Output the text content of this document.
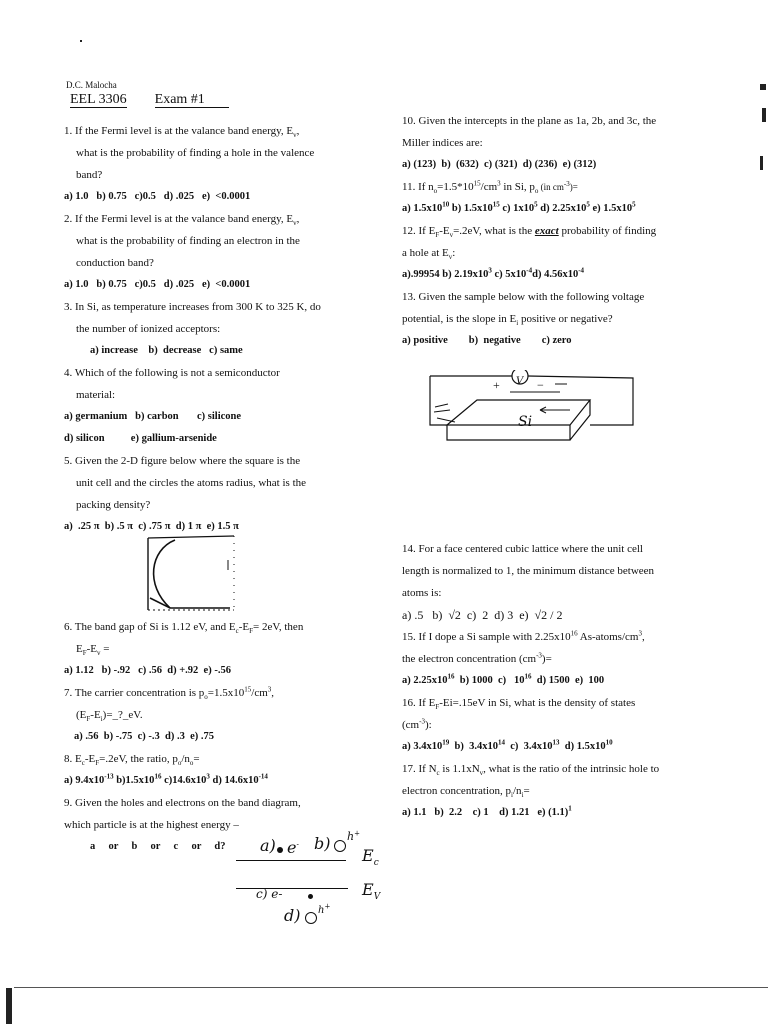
D.C. Malocha
EEL 3306 Exam #1
1. If the Fermi level is at the valance band energy, $E_v$,
what is the probability of finding a hole in the valence
band?
a) 1.0   b) 0.75   c)0.5   d) .025   e)  <0.0001
2. If the Fermi level is at the valance band energy, $E_v$,
what is the probability of finding an electron in the
conduction band?
a) 1.0   b) 0.75   c)0.5   d) .025   e)  <0.0001
3. In Si, as temperature increases from 300 K to 325 K, do
the number of ionized acceptors:
a) increase    b)  decrease   c) same
4. Which of the following is not a semiconductor
material:
a) germanium   b) carbon       c) silicone
d) silicon          e) gallium-arsenide
5. Given the 2-D figure below where the square is the
unit cell and the circles the atoms radius, what is the
packing density?
a)  .25 π  b) .5 π  c) .75 π  d) 1 π  e) 1.5 π
6. The band gap of Si is 1.12 eV, and $E_c-E_F= 2eV$, then
$E_F-E_v$ =
a) 1.12   b) -.92   c) .56  d) +.92  e) -.56
7. The carrier concentration is $p_o=1.5x10^{15}/cm^3$,
$(E_F-E_i)=\_?\_eV$.
a) .56  b) -.75  c) -.3  d) .3  e) .75
8. $E_c-E_F=.2eV$, the ratio, $p_o/n_o=$
a) $9.4x10^{-13}$ $b)1.5x10^{16}$ $c)14.6x10^3$ d) $14.6x10^{-14}$
9. Given the holes and electrons on the band diagram,
which particle is at the highest energy –
a  or  b  or  c  or  d?	a) e- b) h+
$E_c$
c) e-	$E_V$
d) h+
10. Given the intercepts in the plane as 1a, 2b, and 3c, the
Miller indices are:
a) (123)  b)  (632)  c) (321)  d) (236)  e) (312)
11. If $n_o=1.5*10^{15}/cm^3$ in Si, $p_o$ (in $cm^{-3})=$
a) $1.5x10^{10}$ b) $1.5x10^{15}$ c) $1x10^5$ d) $2.25x10^5$ e) $1.5x10^5$
12. If $E_F-E_v=.2eV$, what is the exact probability of finding
a hole at $E_v$:
a).99954 b) $2.19x10^3$ c) $5x10^{-4}d$) $4.56x10^{-4}$
13. Given the sample below with the following voltage
potential, is the slope in $E_i$ positive or negative?
a) positive        b)  negative        c) zero
V
+	−
Si
14. For a face centered cubic lattice where the unit cell
length is normalized to 1, the minimum distance between
atoms is:
a) .5   b)  √2  c)  2  d) 3  e)  √2 / 2
15. If I dope a Si sample with $2.25x10^{16}$ $As-atoms/cm^3$,
the electron concentration $(cm^{-3})=$
a) $2.25x10^{16}$  b) 1000  c)   $10^{16}$  d) 1500  e)  100
16. If $E_F-Ei=.15eV$ in Si, what is the density of states
$(cm^{-3})$:
a) $3.4x10^{19}$  b)  $3.4x10^{14}$  c)  $3.4x10^{13}$  d) $1.5x10^{10}$
17. If $N_c$ is $1.1xN_v$, what is the ratio of the intrinsic hole to
electron concentration, $p_i/n_i=$
a) 1.1   b)  2.2    c) 1    d) 1.21   e) $(1.1)^1$
